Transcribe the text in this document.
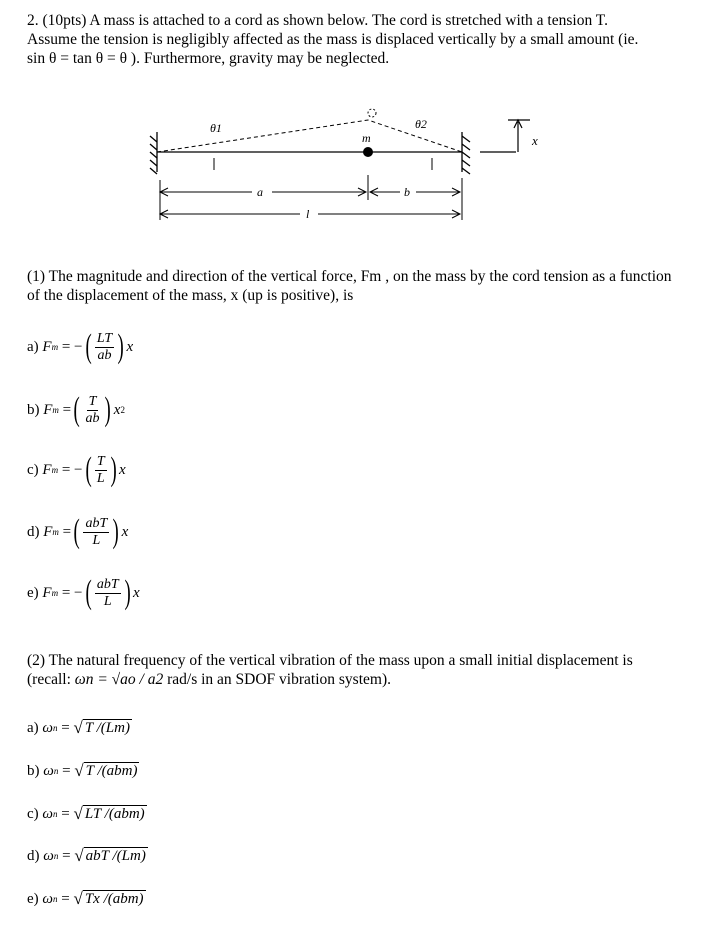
2. (10pts) A mass is attached to a cord as shown below. The cord is stretched with a tension T.
Assume the tension is negligibly affected as the mass is displaced vertically by a small amount (ie.
sin θ = tan θ = θ ). Furthermore, gravity may be neglected.
m
θ1	θ2
x
a	b
l
(1) The magnitude and direction of the vertical force, Fm , on the mass by the cord tension as a function
of the displacement of the mass, x (up is positive), is
a)
F m
= − ( $\frac{LT}{ab}$ ) x
b)
F m
= ( $\frac{T}{ab}$ ) x 2
c)
F m
= − ( $\frac{T}{L}$ ) x
d)
F m
= ( $\frac{\text{abT}}{L}$ ) x
e)
F m
= − ( $\frac{\text{abT}}{L}$ ) x
(2) The natural frequency of the vertical vibration of the mass upon a small initial displacement is
(recall: ωn = √ao / a2 rad/s in an SDOF vibration system).
a)
ω n = √ T /(Lm)
b)
ω n = √ T /(abm)
c)
ω n = √ LT /(abm)
d)
ω n = √ abT /(Lm)
e)
ω n = √ Tx /(abm)
